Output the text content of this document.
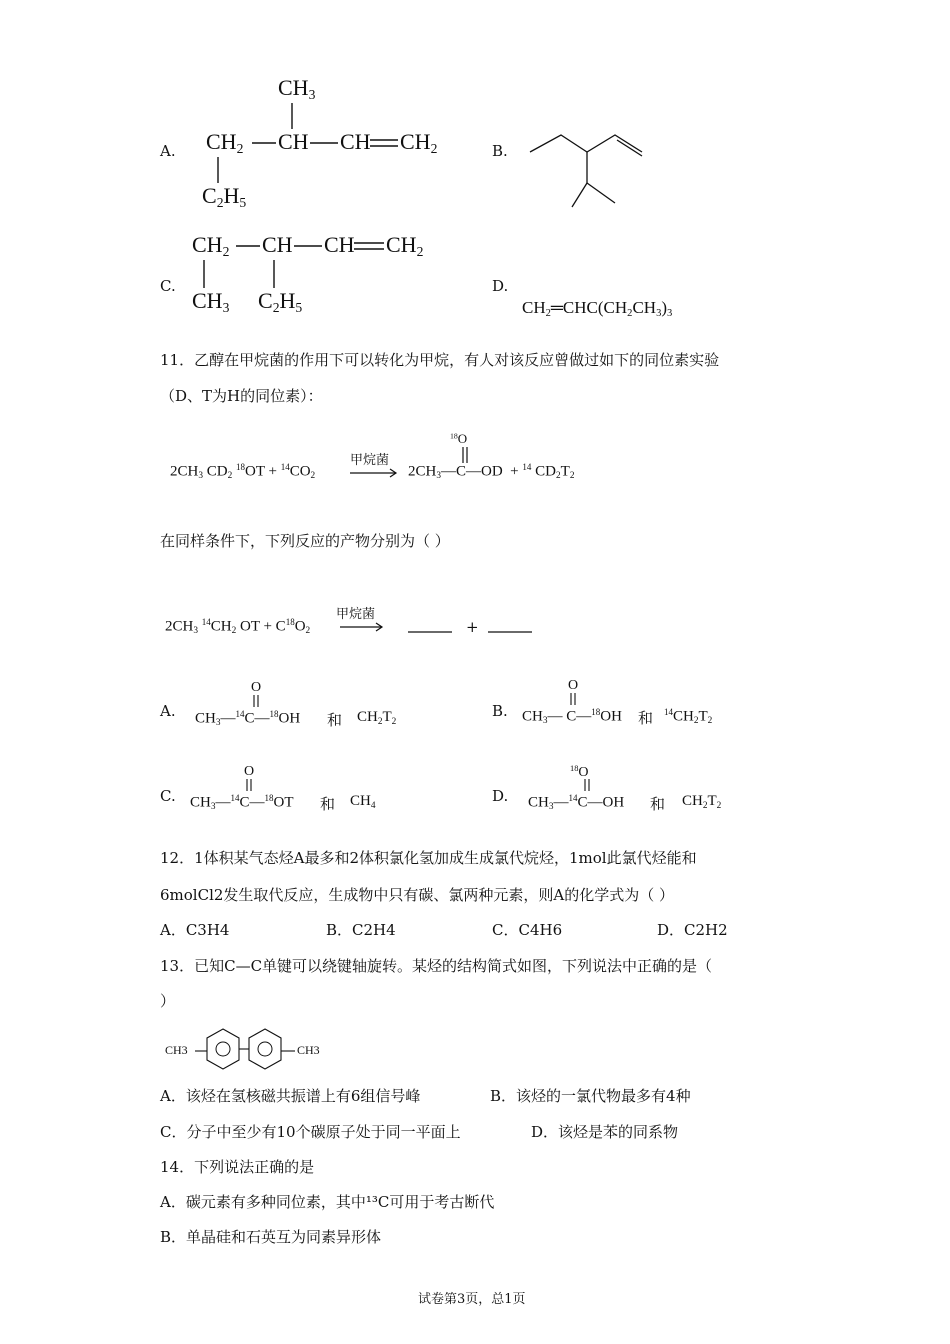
A.
$CH_3$
$CH_2$ CH CH $CH_2$
$C_2H_5$
B.
C.
$CH_2$ CH CH $CH_2$
$CH_3$ $C_2H_5$
D.
$CH_2═CHC(CH_2CH_3)_3$
11．乙醇在甲烷菌的作用下可以转化为甲烷，有人对该反应曾做过如下的同位素实验
（D、T为H的同位素）：
$2CH_3$ $CD_2$ $^{18}OT + ^{14}CO_2$
甲烷菌
$^{18}$O
$2CH_3—C—OD + ^{14}$ $CD_2T_2$
在同样条件下，下列反应的产物分别为（ ）
$2CH_3$ $^{14}CH_2$ OT + $C^{18}O_2$
甲烷菌
+
A.
O
$CH_3—^{14}C—^{18}OH$ 和 $CH_2T_2$
B.
O
$CH_3—$ C—$^{18}$OH 和 $^{14}CH_2T_2$
C.
O
$CH_3—^{14}C—^{18}OT$ 和 $CH_4$
D.
$^{18}$O
$CH_3—^{14}C—OH$ 和 $CH_2T_2$
12．1体积某气态烃A最多和2体积氯化氢加成生成氯代烷烃，1mol此氯代烃能和
6molCl2发生取代反应，生成物中只有碳、氯两种元素，则A的化学式为（ ）
A．C3H4	B．C2H4	C．C4H6	D．C2H2
13．已知C—C单键可以绕键轴旋转。某烃的结构简式如图，下列说法中正确的是（
）
CH3	CH3
A．该烃在氢核磁共振谱上有6组信号峰	B．该烃的一氯代物最多有4种
C．分子中至少有10个碳原子处于同一平面上	D．该烃是苯的同系物
14．下列说法正确的是
A．碳元素有多种同位素，其中¹³C可用于考古断代
B．单晶硅和石英互为同素异形体
试卷第3页，总1页
